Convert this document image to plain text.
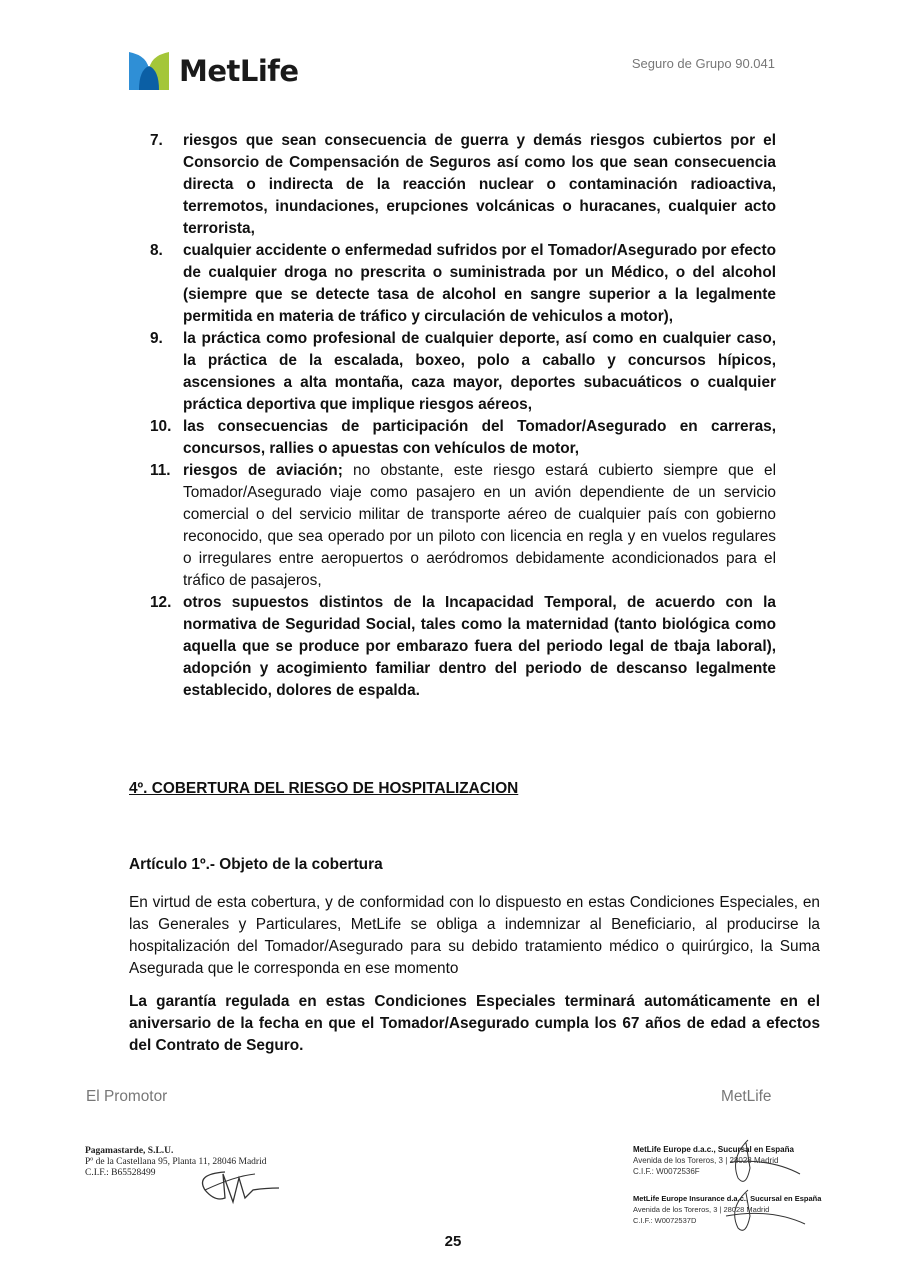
MetLife	Seguro de Grupo 90.041
7.	riesgos que sean consecuencia de guerra y demás riesgos cubiertos por el Consorcio de Compensación de Seguros así como los que sean consecuencia directa o indirecta de la reacción nuclear o contaminación radioactiva, terremotos, inundaciones, erupciones volcánicas o huracanes, cualquier acto terrorista,
8.	cualquier accidente o enfermedad sufridos por el Tomador/Asegurado por efecto de cualquier droga no prescrita o suministrada por un Médico, o del alcohol (siempre que se detecte tasa de alcohol en sangre superior a la legalmente permitida en materia de tráfico y circulación de vehiculos a motor),
9.	la práctica como profesional de cualquier deporte, así como en cualquier caso, la práctica de la escalada, boxeo, polo a caballo y concursos hípicos, ascensiones a alta montaña, caza mayor, deportes subacuáticos o cualquier práctica deportiva que implique riesgos aéreos,
10. las consecuencias de participación del Tomador/Asegurado en carreras, concursos, rallies o apuestas con vehículos de motor,
11. riesgos de aviación; no obstante, este riesgo estará cubierto siempre que el Tomador/Asegurado viaje como pasajero en un avión dependiente de un servicio comercial o del servicio militar de transporte aéreo de cualquier país con gobierno reconocido, que sea operado por un piloto con licencia en regla y en vuelos regulares o irregulares entre aeropuertos o aeródromos debidamente acondicionados para el tráfico de pasajeros,
12. otros supuestos distintos de la Incapacidad Temporal, de acuerdo con la normativa de Seguridad Social, tales como la maternidad (tanto biológica como aquella que se produce por embarazo fuera del periodo legal de tbaja laboral), adopción y acogimiento familiar dentro del periodo de descanso legalmente establecido, dolores de espalda.
4º. COBERTURA DEL RIESGO DE HOSPITALIZACION
Artículo 1º.- Objeto de la cobertura
En virtud de esta cobertura, y de conformidad con lo dispuesto en estas Condiciones Especiales, en las Generales y Particulares, MetLife se obliga a indemnizar al Beneficiario, al producirse la hospitalización del Tomador/Asegurado para su debido tratamiento médico o quirúrgico, la Suma Asegurada que le corresponda en ese momento
La garantía regulada en estas Condiciones Especiales terminará automáticamente en el aniversario de la fecha en que el Tomador/Asegurado cumpla los 67 años de edad a efectos del Contrato de Seguro.
El Promotor	MetLife
Pagamastarde, S.L.U.
Pº de la Castellana 95, Planta 11, 28046 Madrid
C.I.F.: B65528499
MetLife Europe d.a.c., Sucursal en España
Avenida de los Toreros, 3 | 28028 Madrid
C.I.F.: W0072536F
MetLife Europe Insurance d.a.c., Sucursal en España
Avenida de los Toreros, 3 | 28028 Madrid
C.I.F.: W0072537D
25
